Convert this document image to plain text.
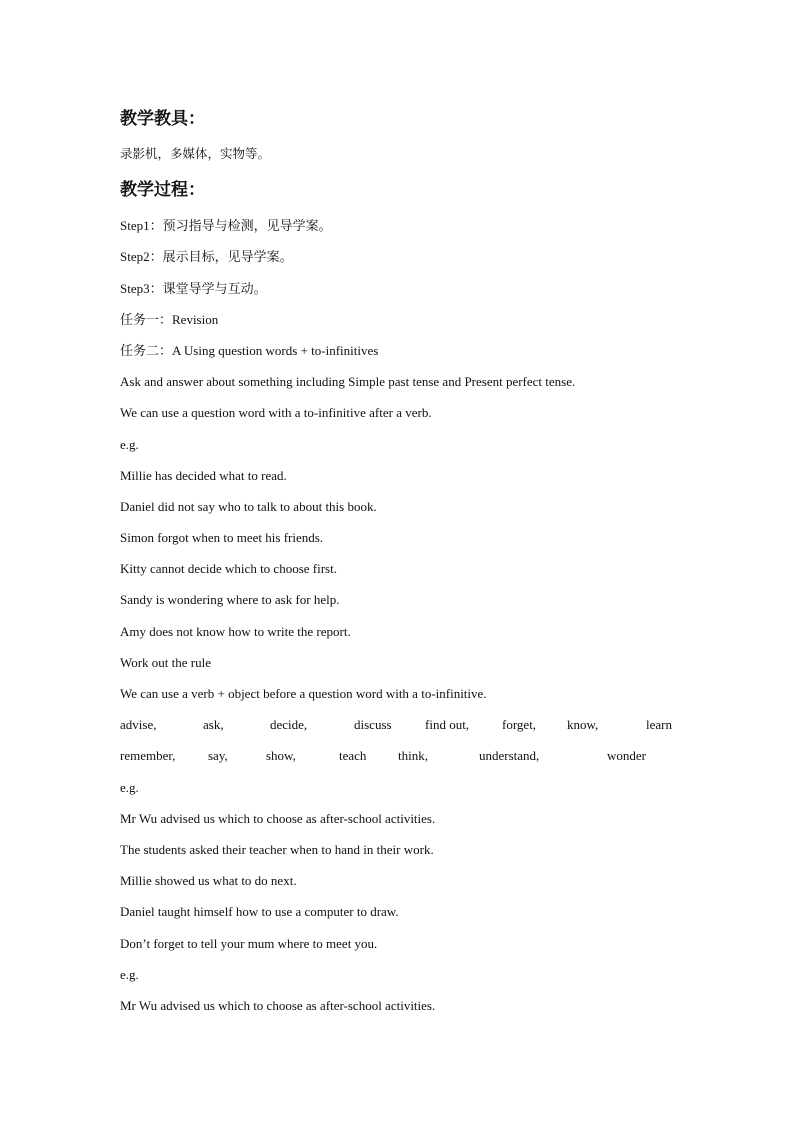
教学教具：
录影机，多媒体，实物等。
教学过程：
Step1：预习指导与检测，见导学案。
Step2：展示目标，见导学案。
Step3：课堂导学与互动。
任务一：Revision
任务二：A Using question words + to-infinitives
Ask and answer about something including Simple past tense and Present perfect tense.
We can use a question word with a to-infinitive after a verb.
e.g.
Millie has decided what to read.
Daniel did not say who to talk to about this book.
Simon forgot when to meet his friends.
Kitty cannot decide which to choose first.
Sandy is wondering where to ask for help.
Amy does not know how to write the report.
Work out the rule
We can use a verb + object before a question word with a to-infinitive.
advise,	ask,	decide,	discuss	find out,	forget, know,	learn
remember,	say,	show,	teach think,	understand,	wonder
e.g.
Mr Wu advised us which to choose as after-school activities.
The students asked their teacher when to hand in their work.
Millie showed us what to do next.
Daniel taught himself how to use a computer to draw.
Don’t forget to tell your mum where to meet you.
e.g.
Mr Wu advised us which to choose as after-school activities.
